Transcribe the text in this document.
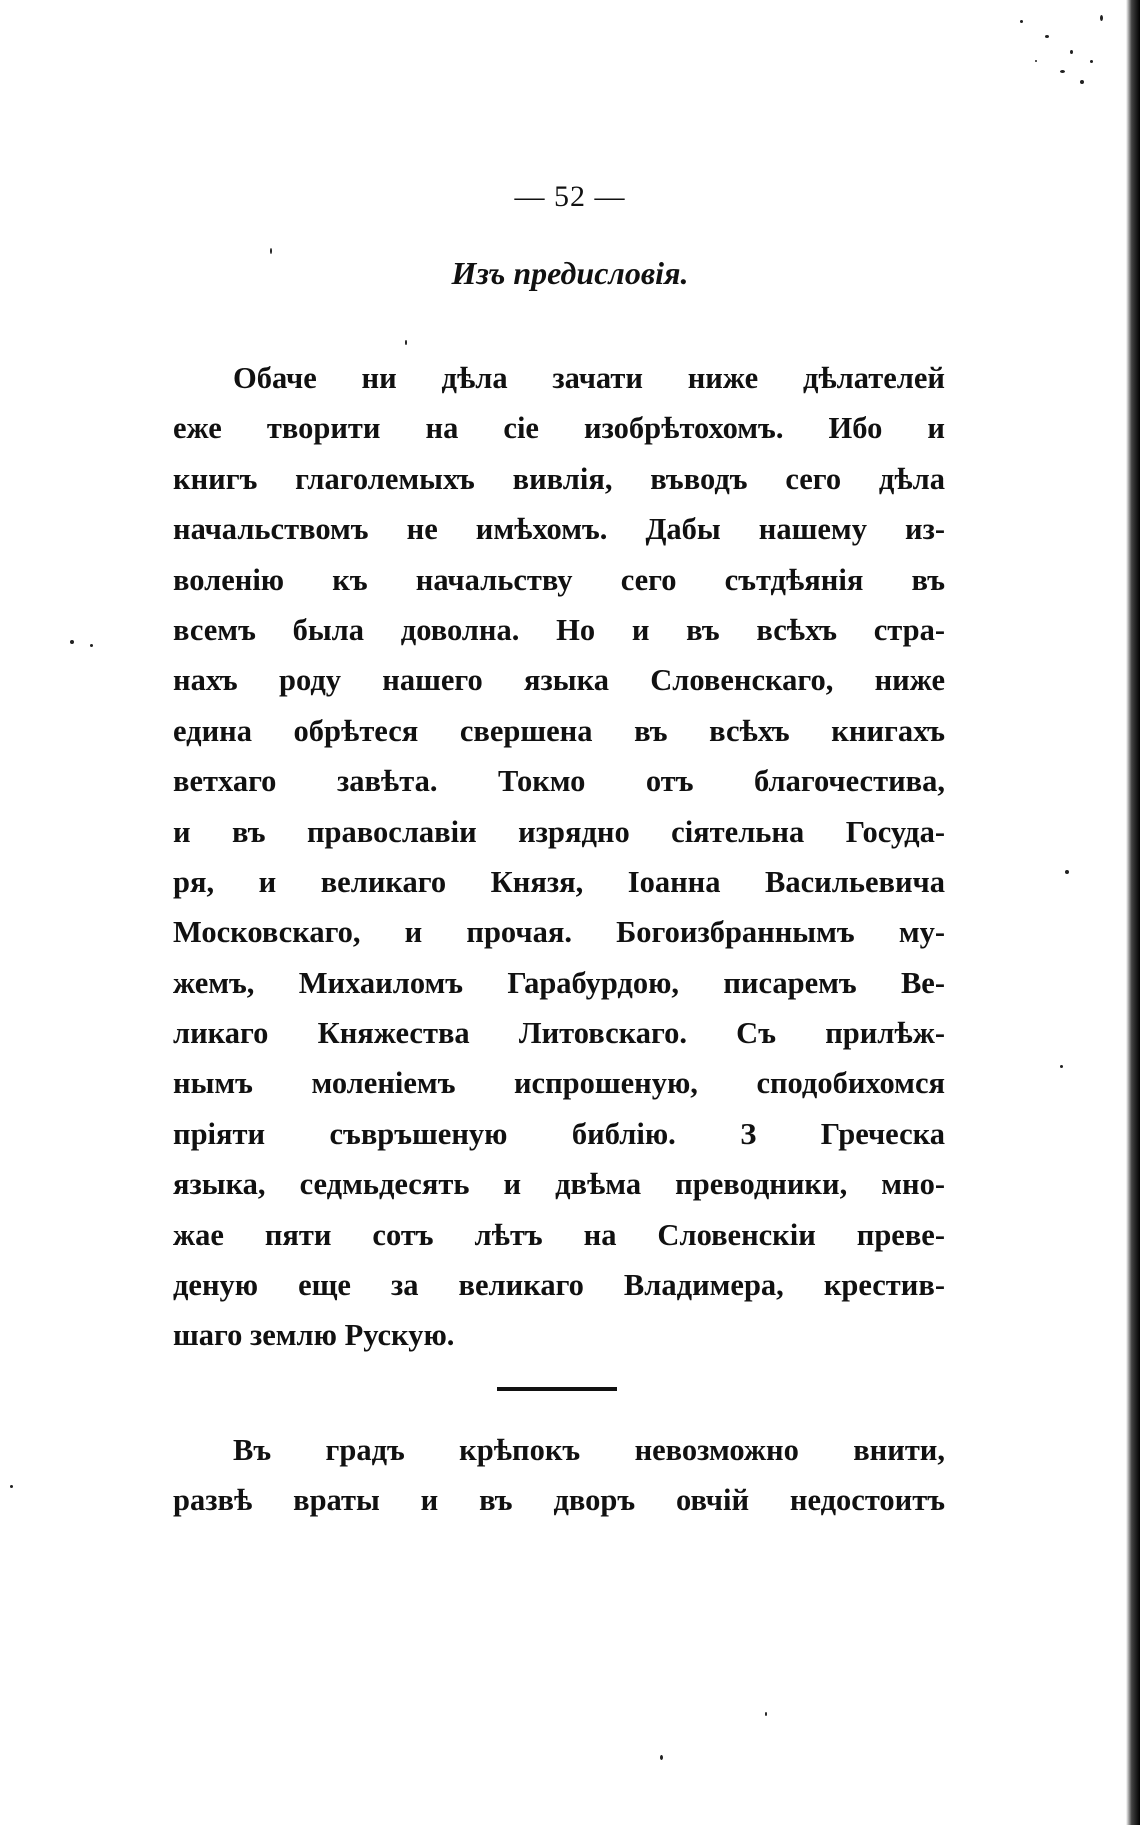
— 52 —
Изъ предисловія.
Обаче ни дѣла зачати ниже дѣлателей
еже творити на сіе изобрѣтохомъ. Ибо и
книгъ глаголемыхъ вивлія, въводъ сего дѣла
начальствомъ не имѣхомъ. Дабы нашему из-
воленію къ начальству сего сътдѣянія въ
всемъ была доволна. Но и въ всѣхъ стра-
нахъ роду нашего языка Словенскаго, ниже
едина обрѣтеся свершена въ всѣхъ книгахъ
ветхаго завѣта. Токмо отъ благочестива,
и въ православіи изрядно сіятельна Госуда-
ря, и великаго Князя, Іоанна Васильевича
Московскаго, и прочая. Богоизбраннымъ му-
жемъ, Михаиломъ Гарабурдою, писаремъ Ве-
ликаго Княжества Литовскаго. Съ прилѣж-
нымъ моленіемъ испрошеную, сподобихомся
пріяти съвръшеную библію. З Греческа
языка, седмьдесять и двѣма преводники, мно-
жае пяти сотъ лѣтъ на Словенскіи преве-
деную еще за великаго Владимера, крестив-
шаго землю Рускую.
Въ градъ крѣпокъ невозможно внити,
развѣ враты и въ дворъ овчій недостоитъ
